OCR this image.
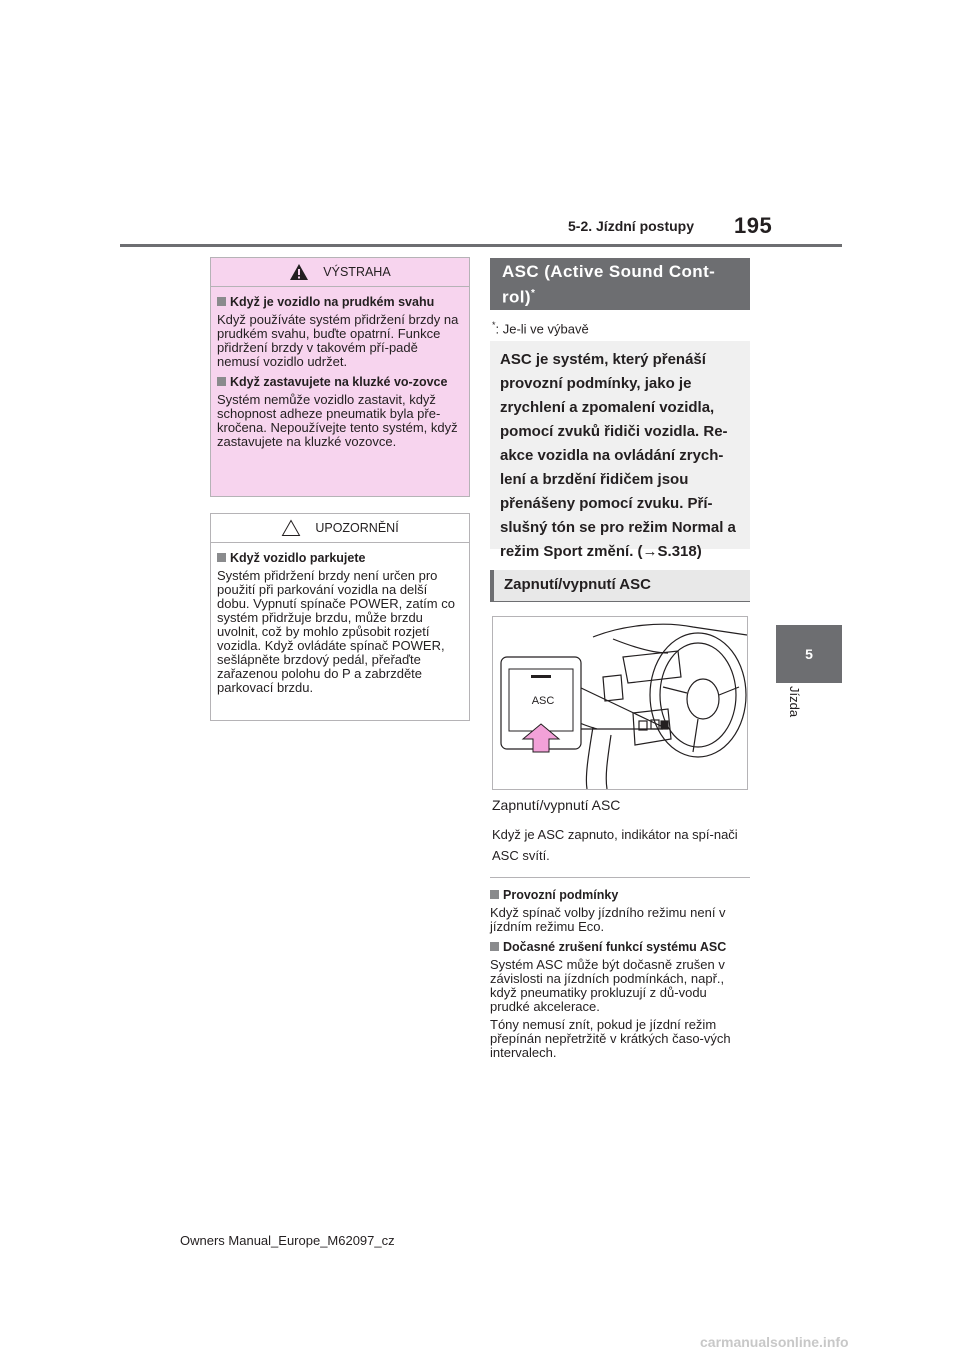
5-2. Jízdní postupy 195
5
Jízda
VÝSTRAHA
Když je vozidlo na prudkém svahu
Když používáte systém přidržení brzdy na prudkém svahu, buďte opatrní. Funkce přidržení brzdy v takovém pří-padě nemusí vozidlo udržet.
Když zastavujete na kluzké vo-zovce
Systém nemůže vozidlo zastavit, když schopnost adheze pneumatik byla pře-kročena. Nepoužívejte tento systém, když zastavujete na kluzké vozovce.
UPOZORNĚNÍ
Když vozidlo parkujete
Systém přidržení brzdy není určen pro použití při parkování vozidla na delší dobu. Vypnutí spínače POWER, zatím co systém přidržuje brzdu, může brzdu uvolnit, což by mohlo způsobit rozjetí vozidla. Když ovládáte spínač POWER, sešlápněte brzdový pedál, přeřaďte zařazenou polohu do P a zabrzděte parkovací brzdu.
ASC (Active Sound Cont-
rol)*
*: Je-li ve výbavě
ASC je systém, který přenáší provozní podmínky, jako je zrychlení a zpomalení vozidla, pomocí zvuků řidiči vozidla. Re-akce vozidla na ovládání zrych-lení a brzdění řidičem jsou přenášeny pomocí zvuku. Pří-slušný tón se pro režim Normal a režim Sport změní. (→S.318)
Zapnutí/vypnutí ASC
ASC
Zapnutí/vypnutí ASC
Když je ASC zapnuto, indikátor na spí-nači ASC svítí.
Provozní podmínky
Když spínač volby jízdního režimu není v jízdním režimu Eco.
Dočasné zrušení funkcí systému ASC
Systém ASC může být dočasně zrušen v závislosti na jízdních podmínkách, např., když pneumatiky prokluzují z dů-vodu prudké akcelerace.
Tóny nemusí znít, pokud je jízdní režim přepínán nepřetržitě v krátkých časo-vých intervalech.
Owners Manual_Europe_M62097_cz
carmanualsonline.info
